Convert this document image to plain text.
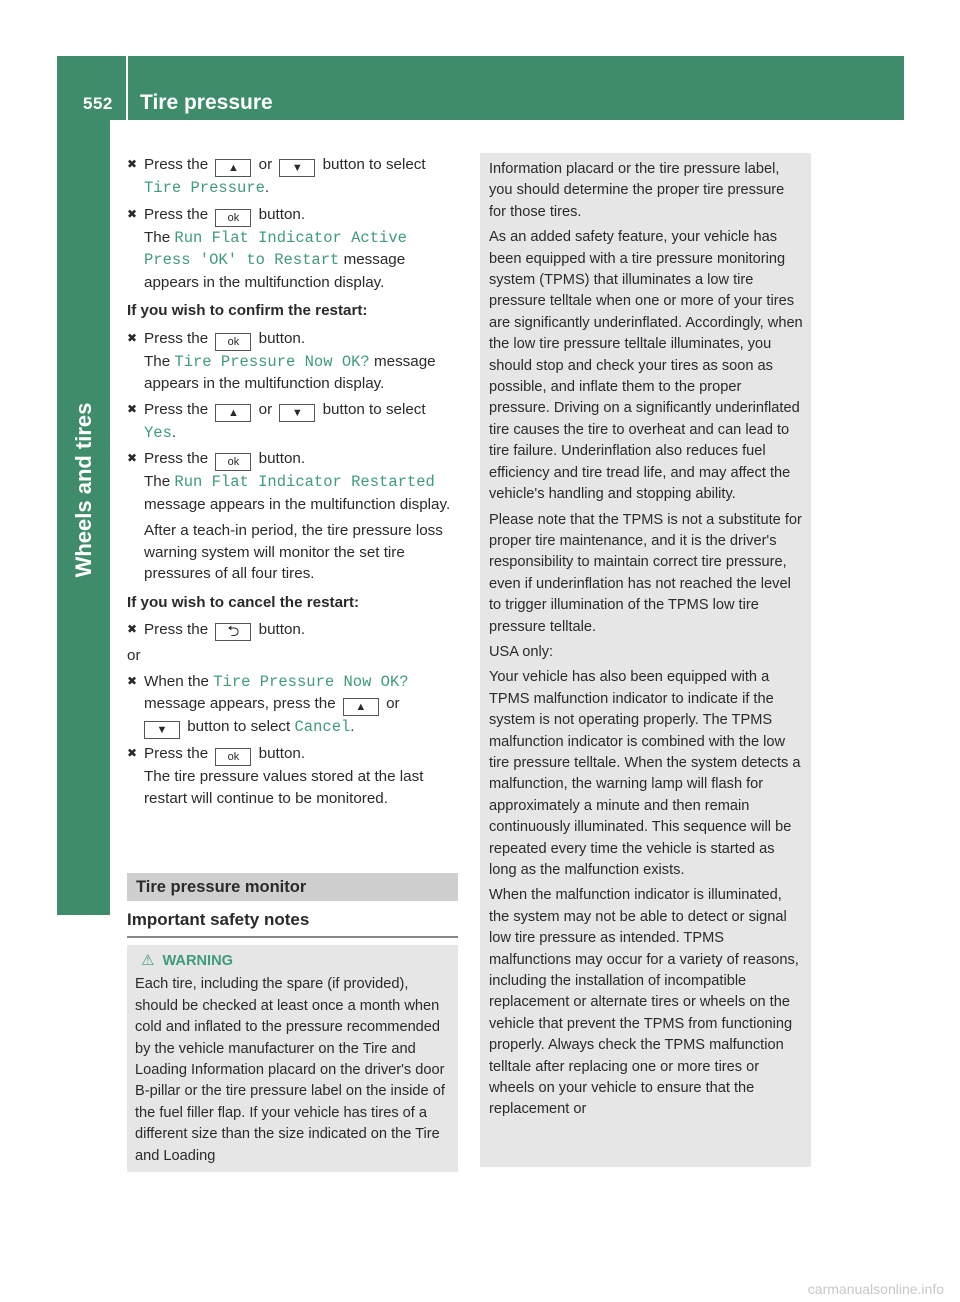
552 Tire pressure
Wheels and tires
✖ Press the ▲ or ▼ button to select
Tire Pressure.
✖ Press the ok button.
The Run Flat Indicator Active
Press 'OK' to Restart message
appears in the multifunction display.
If you wish to confirm the restart:
✖ Press the ok button.
The Tire Pressure Now OK? message
appears in the multifunction display.
✖ Press the ▲ or ▼ button to select
Yes.
✖ Press the ok button.
The Run Flat Indicator Restarted
message appears in the multifunction display.
After a teach-in period, the tire pressure loss warning system will monitor the set tire pressures of all four tires.
If you wish to cancel the restart:
✖ Press the ⮌ button.
or
✖ When the Tire Pressure Now OK?
message appears, press the ▲ or
▼ button to select Cancel.
✖ Press the ok button.
The tire pressure values stored at the last restart will continue to be monitored.
Tire pressure monitor
Important safety notes
⚠ WARNING
Each tire, including the spare (if provided), should be checked at least once a month when cold and inflated to the pressure recommended by the vehicle manufacturer on the Tire and Loading Information placard on the driver's door B-pillar or the tire pressure label on the inside of the fuel filler flap. If your vehicle has tires of a different size than the size indicated on the Tire and Loading

Information placard or the tire pressure label, you should determine the proper tire pressure for those tires.

As an added safety feature, your vehicle has been equipped with a tire pressure monitoring system (TPMS) that illuminates a low tire pressure telltale when one or more of your tires are significantly underinflated. Accordingly, when the low tire pressure telltale illuminates, you should stop and check your tires as soon as possible, and inflate them to the proper pressure. Driving on a significantly underinflated tire causes the tire to overheat and can lead to tire failure. Underinflation also reduces fuel efficiency and tire tread life, and may affect the vehicle's handling and stopping ability.

Please note that the TPMS is not a substitute for proper tire maintenance, and it is the driver's responsibility to maintain correct tire pressure, even if underinflation has not reached the level to trigger illumination of the TPMS low tire pressure telltale.

USA only:

Your vehicle has also been equipped with a TPMS malfunction indicator to indicate if the system is not operating properly. The TPMS malfunction indicator is combined with the low tire pressure telltale. When the system detects a malfunction, the warning lamp will flash for approximately a minute and then remain continuously illuminated. This sequence will be repeated every time the vehicle is started as long as the malfunction exists.

When the malfunction indicator is illuminated, the system may not be able to detect or signal low tire pressure as intended. TPMS malfunctions may occur for a variety of reasons, including the installation of incompatible replacement or alternate tires or wheels on the vehicle that prevent the TPMS from functioning properly. Always check the TPMS malfunction telltale after replacing one or more tires or wheels on your vehicle to ensure that the replacement or

carmanualsonline.info
